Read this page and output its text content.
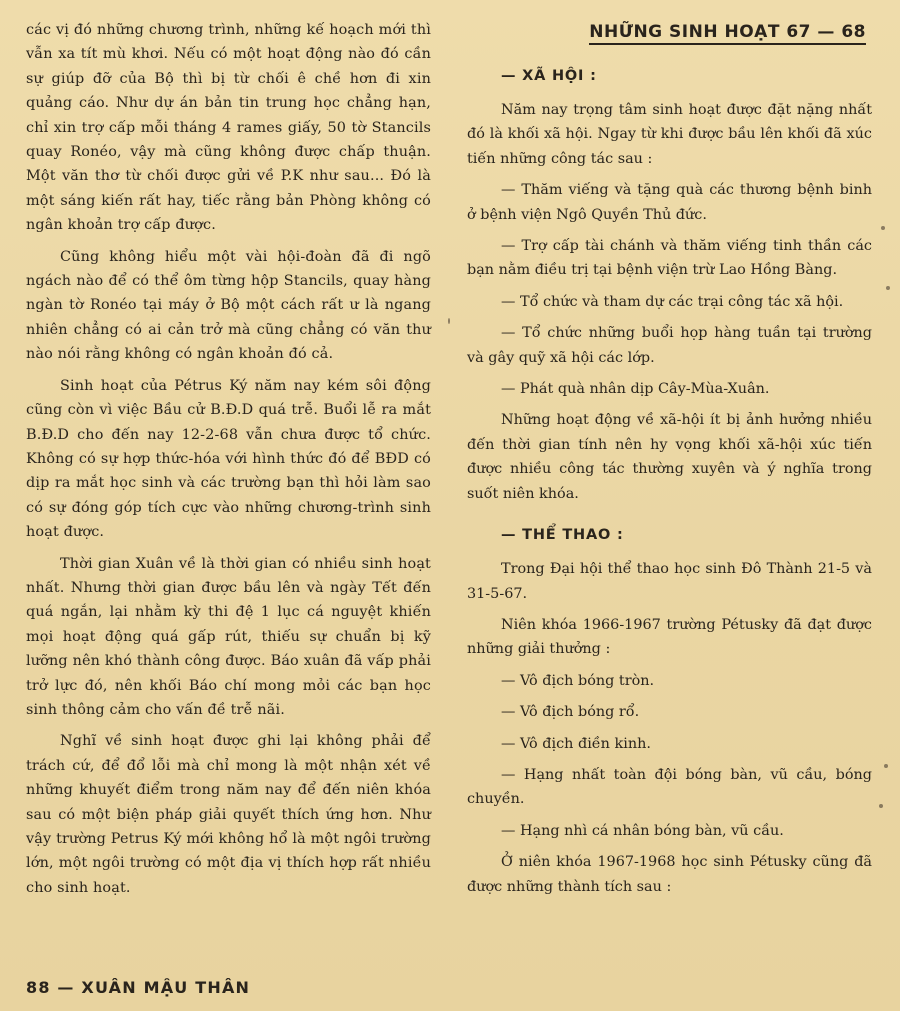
các vị đó những chương trình, những kế hoạch mới thì vẫn xa tít mù khơi. Nếu có một hoạt động nào đó cần sự giúp đỡ của Bộ thì bị từ chối ê chề hơn đi xin quảng cáo. Như dự án bản tin trung học chẳng hạn, chỉ xin trợ cấp mỗi tháng 4 rames giấy, 50 tờ Stancils quay Ronéo, vậy mà cũng không được chấp thuận. Một văn thơ từ chối được gửi về P.K như sau... Đó là một sáng kiến rất hay, tiếc rằng bản Phòng không có ngân khoản trợ cấp được.

Cũng không hiểu một vài hội-đoàn đã đi ngõ ngách nào để có thể ôm từng hộp Stancils, quay hàng ngàn tờ Ronéo tại máy ở Bộ một cách rất ư là ngang nhiên chẳng có ai cản trở mà cũng chẳng có văn thư nào nói rằng không có ngân khoản đó cả.

Sinh hoạt của Pétrus Ký năm nay kém sôi động cũng còn vì việc Bầu cử B.Đ.D quá trễ. Buổi lễ ra mắt B.Đ.D cho đến nay 12-2-68 vẫn chưa được tổ chức. Không có sự hợp thức-hóa với hình thức đó để BĐD có dịp ra mắt học sinh và các trường bạn thì hỏi làm sao có sự đóng góp tích cực vào những chương-trình sinh hoạt được.

Thời gian Xuân về là thời gian có nhiều sinh hoạt nhất. Nhưng thời gian được bầu lên và ngày Tết đến quá ngắn, lại nhằm kỳ thi đệ 1 lục cá nguyệt khiến mọi hoạt động quá gấp rút, thiếu sự chuẩn bị kỹ lưỡng nên khó thành công được. Báo xuân đã vấp phải trở lực đó, nên khối Báo chí mong mỏi các bạn học sinh thông cảm cho vấn đề trễ nãi.

Nghĩ về sinh hoạt được ghi lại không phải để trách cứ, để đổ lỗi mà chỉ mong là một nhận xét về những khuyết điểm trong năm nay để đến niên khóa sau có một biện pháp giải quyết thích ứng hơn. Như vậy trường Petrus Ký mới không hổ là một ngôi trường lớn, một ngôi trường có một địa vị thích hợp rất nhiều cho sinh hoạt.

NHỮNG SINH HOẠT 67 — 68
— XÃ HỘI :

Năm nay trọng tâm sinh hoạt được đặt nặng nhất đó là khối xã hội. Ngay từ khi được bầu lên khối đã xúc tiến những công tác sau :

— Thăm viếng và tặng quà các thương bệnh binh ở bệnh viện Ngô Quyền Thủ đức.

— Trợ cấp tài chánh và thăm viếng tinh thần các bạn nằm điều trị tại bệnh viện trừ Lao Hồng Bàng.

— Tổ chức và tham dự các trại công tác xã hội.

— Tổ chức những buổi họp hàng tuần tại trường và gây quỹ xã hội các lớp.

— Phát quà nhân dịp Cây-Mùa-Xuân.

Những hoạt động về xã-hội ít bị ảnh hưởng nhiều đến thời gian tính nên hy vọng khối xã-hội xúc tiến được nhiều công tác thường xuyên và ý nghĩa trong suốt niên khóa.

— THỂ THAO :

Trong Đại hội thể thao học sinh Đô Thành 21-5 và 31-5-67.

Niên khóa 1966-1967 trường Pétusky đã đạt được những giải thưởng :

— Vô địch bóng tròn.

— Vô địch bóng rổ.

— Vô địch điền kinh.

— Hạng nhất toàn đội bóng bàn, vũ cầu, bóng chuyền.

— Hạng nhì cá nhân bóng bàn, vũ cầu.

Ở niên khóa 1967-1968 học sinh Pétusky cũng đã được những thành tích sau :

88 — XUÂN MẬU THÂN
